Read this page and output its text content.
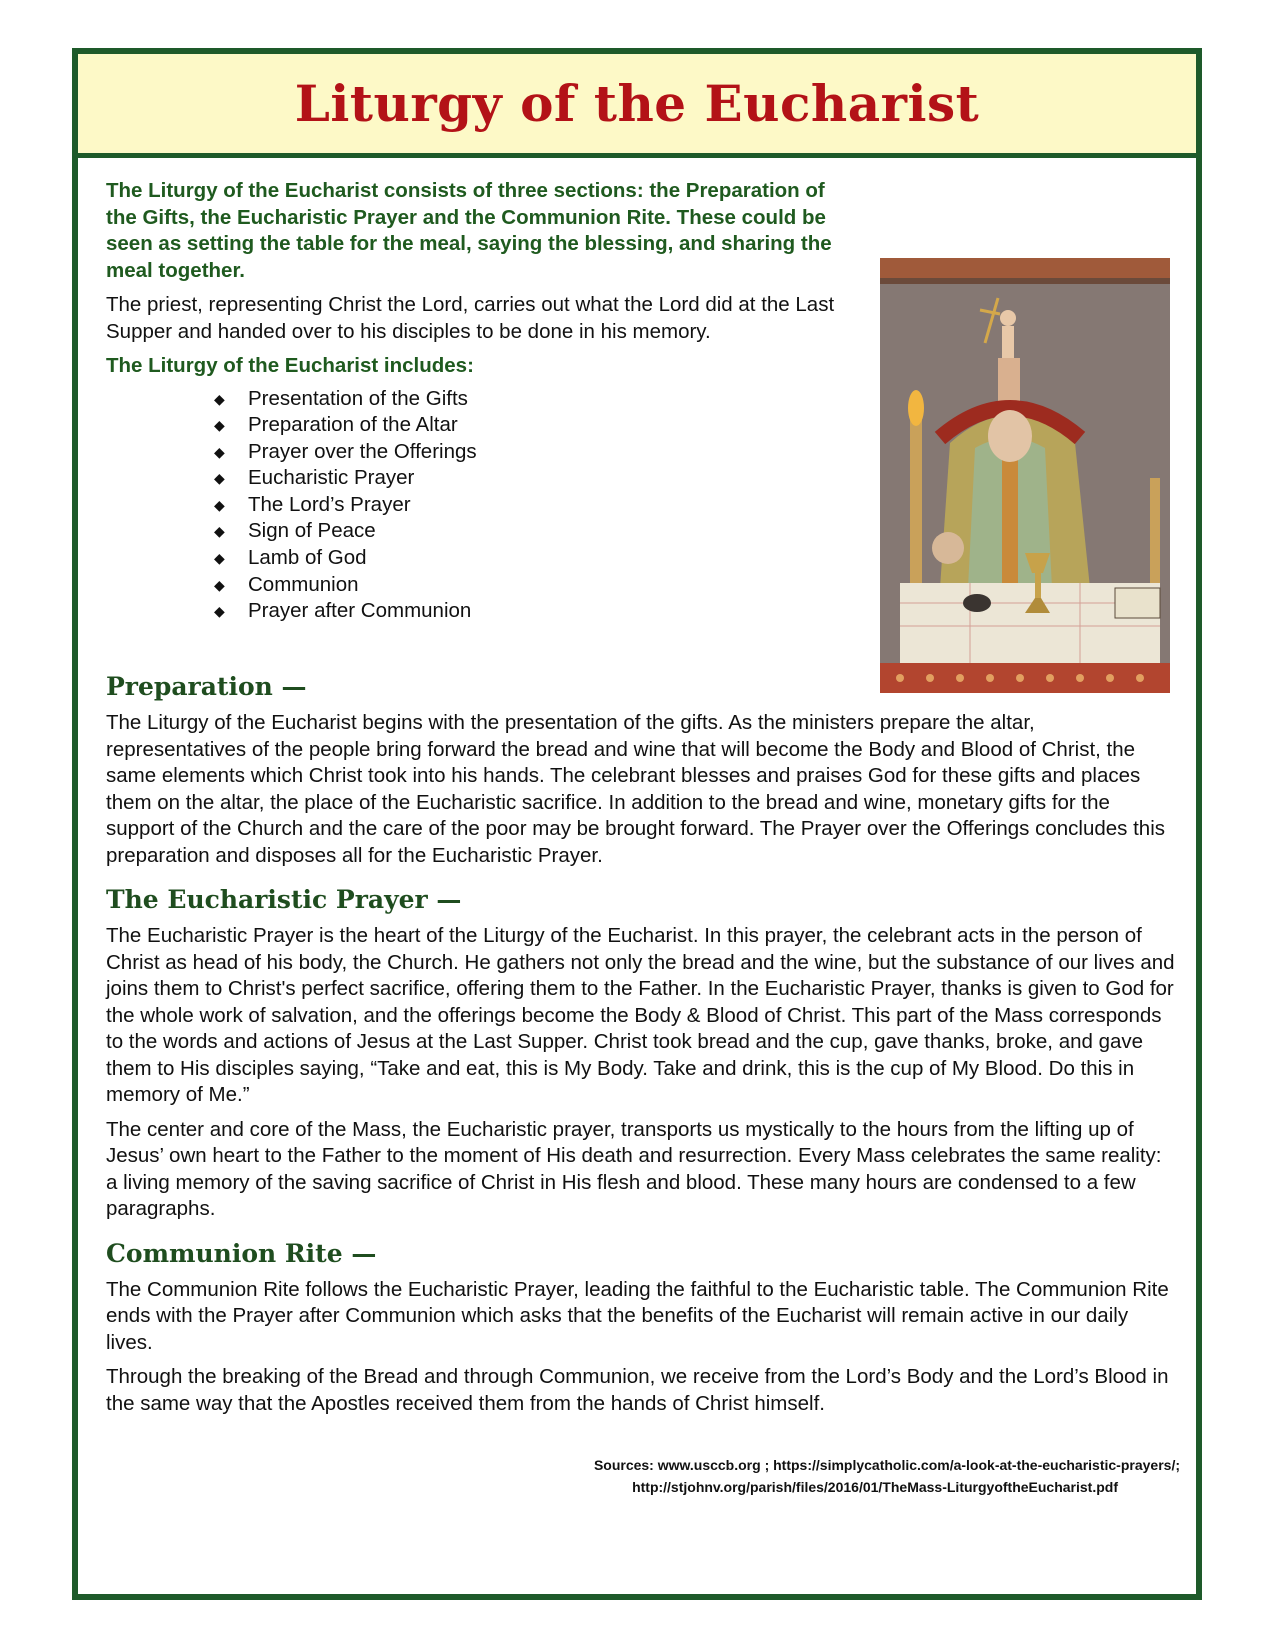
Liturgy of the Eucharist

The Liturgy of the Eucharist consists of three sections: the Preparation of the Gifts, the Eucharistic Prayer and the Communion Rite. These could be seen as setting the table for the meal, saying the blessing, and sharing the meal together.

The priest, representing Christ the Lord, carries out what the Lord did at the Last Supper and handed over to his disciples to be done in his memory.

The Liturgy of the Eucharist includes:

◆	Presentation of the Gifts
◆	Preparation of the Altar
◆	Prayer over the Offerings
◆	Eucharistic Prayer
◆	The Lord’s Prayer
◆	Sign of Peace
◆	Lamb of God
◆	Communion
◆	Prayer after Communion
Preparation —

The Liturgy of the Eucharist begins with the presentation of the gifts. As the ministers prepare the altar, representatives of the people bring forward the bread and wine that will become the Body and Blood of Christ, the same elements which Christ took into his hands. The celebrant blesses and praises God for these gifts and places them on the altar, the place of the Eucharistic sacrifice. In addition to the bread and wine, monetary gifts for the support of the Church and the care of the poor may be brought forward. The Prayer over the Offerings concludes this preparation and disposes all for the Eucharistic Prayer.

The Eucharistic Prayer —

The Eucharistic Prayer is the heart of the Liturgy of the Eucharist. In this prayer, the celebrant acts in the person of Christ as head of his body, the Church. He gathers not only the bread and the wine, but the substance of our lives and joins them to Christ's perfect sacrifice, offering them to the Father. In the Eucharistic Prayer, thanks is given to God for the whole work of salvation, and the offerings become the Body & Blood of Christ. This part of the Mass corresponds to the words and actions of Jesus at the Last Supper. Christ took bread and the cup, gave thanks, broke, and gave them to His disciples saying, “Take and eat, this is My Body. Take and drink, this is the cup of My Blood. Do this in memory of Me.”

The center and core of the Mass, the Eucharistic prayer, transports us mystically to the hours from the lifting up of Jesus’ own heart to the Father to the moment of His death and resurrection. Every Mass celebrates the same reality: a living memory of the saving sacrifice of Christ in His flesh and blood. These many hours are condensed to a few paragraphs.

Communion Rite —

The Communion Rite follows the Eucharistic Prayer, leading the faithful to the Eucharistic table. The Communion Rite ends with the Prayer after Communion which asks that the benefits of the Eucharist will remain active in our daily lives.

Through the breaking of the Bread and through Communion, we receive from the Lord’s Body and the Lord’s Blood in the same way that the Apostles received them from the hands of Christ himself.

Sources: www.usccb.org ; https://simplycatholic.com/a-look-at-the-eucharistic-prayers/;
http://stjohnv.org/parish/files/2016/01/TheMass-LiturgyoftheEucharist.pdf
